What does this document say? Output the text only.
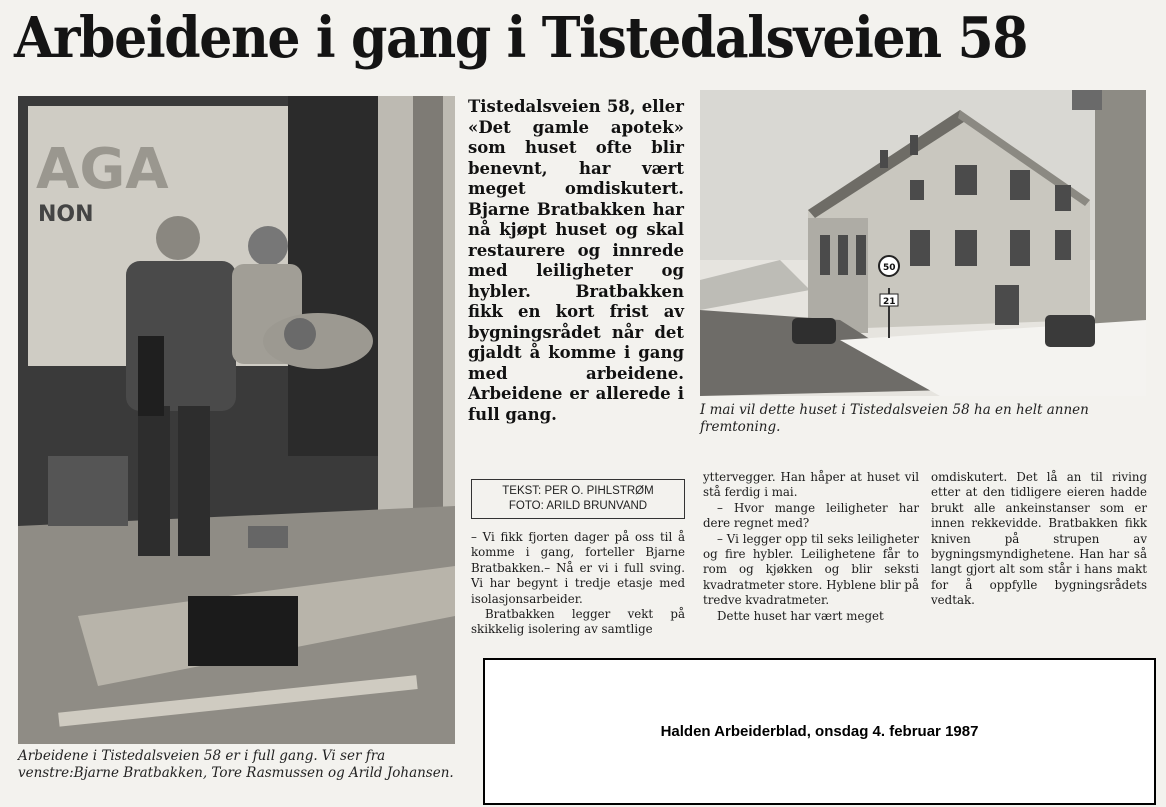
Arbeidene i gang i Tistedalsveien 58
AGA
NON
Tistedalsveien 58, eller «Det gamle apotek» som huset ofte blir benevnt, har vært meget omdiskutert. Bjarne Bratbakken har nå kjøpt huset og skal restaurere og innrede med leiligheter og hybler. Bratbakken fikk en kort frist av bygningsrådet når det gjaldt å komme i gang med arbeidene. Arbeidene er allerede i full gang.
50
21
I mai vil dette huset i Tistedalsveien 58 ha en helt annen fremtoning.
TEKST: PER O. PIHLSTRØM
FOTO: ARILD BRUNVAND

– Vi fikk fjorten dager på oss til å komme i gang, forteller Bjarne Bratbakken.– Nå er vi i full sving. Vi har begynt i tredje etasje med isolasjonsarbeider.

Bratbakken legger vekt på skikkelig isolering av samtlige

yttervegger. Han håper at huset vil stå ferdig i mai.

– Hvor mange leiligheter har dere regnet med?

– Vi legger opp til seks leiligheter og fire hybler. Leilighetene får to rom og kjøkken og blir seksti kvadratmeter store. Hyblene blir på tredve kvadratmeter.

Dette huset har vært meget

omdiskutert. Det lå an til riving etter at den tidligere eieren hadde brukt alle ankeinstanser som er innen rekkevidde. Bratbakken fikk kniven på strupen av bygningsmyndighetene. Han har så langt gjort alt som står i hans makt for å oppfylle bygningsrådets vedtak.

Arbeidene i Tistedalsveien 58 er i full gang. Vi ser fra venstre:Bjarne Bratbakken, Tore Rasmussen og Arild Johansen.
Halden Arbeiderblad, onsdag 4. februar 1987
